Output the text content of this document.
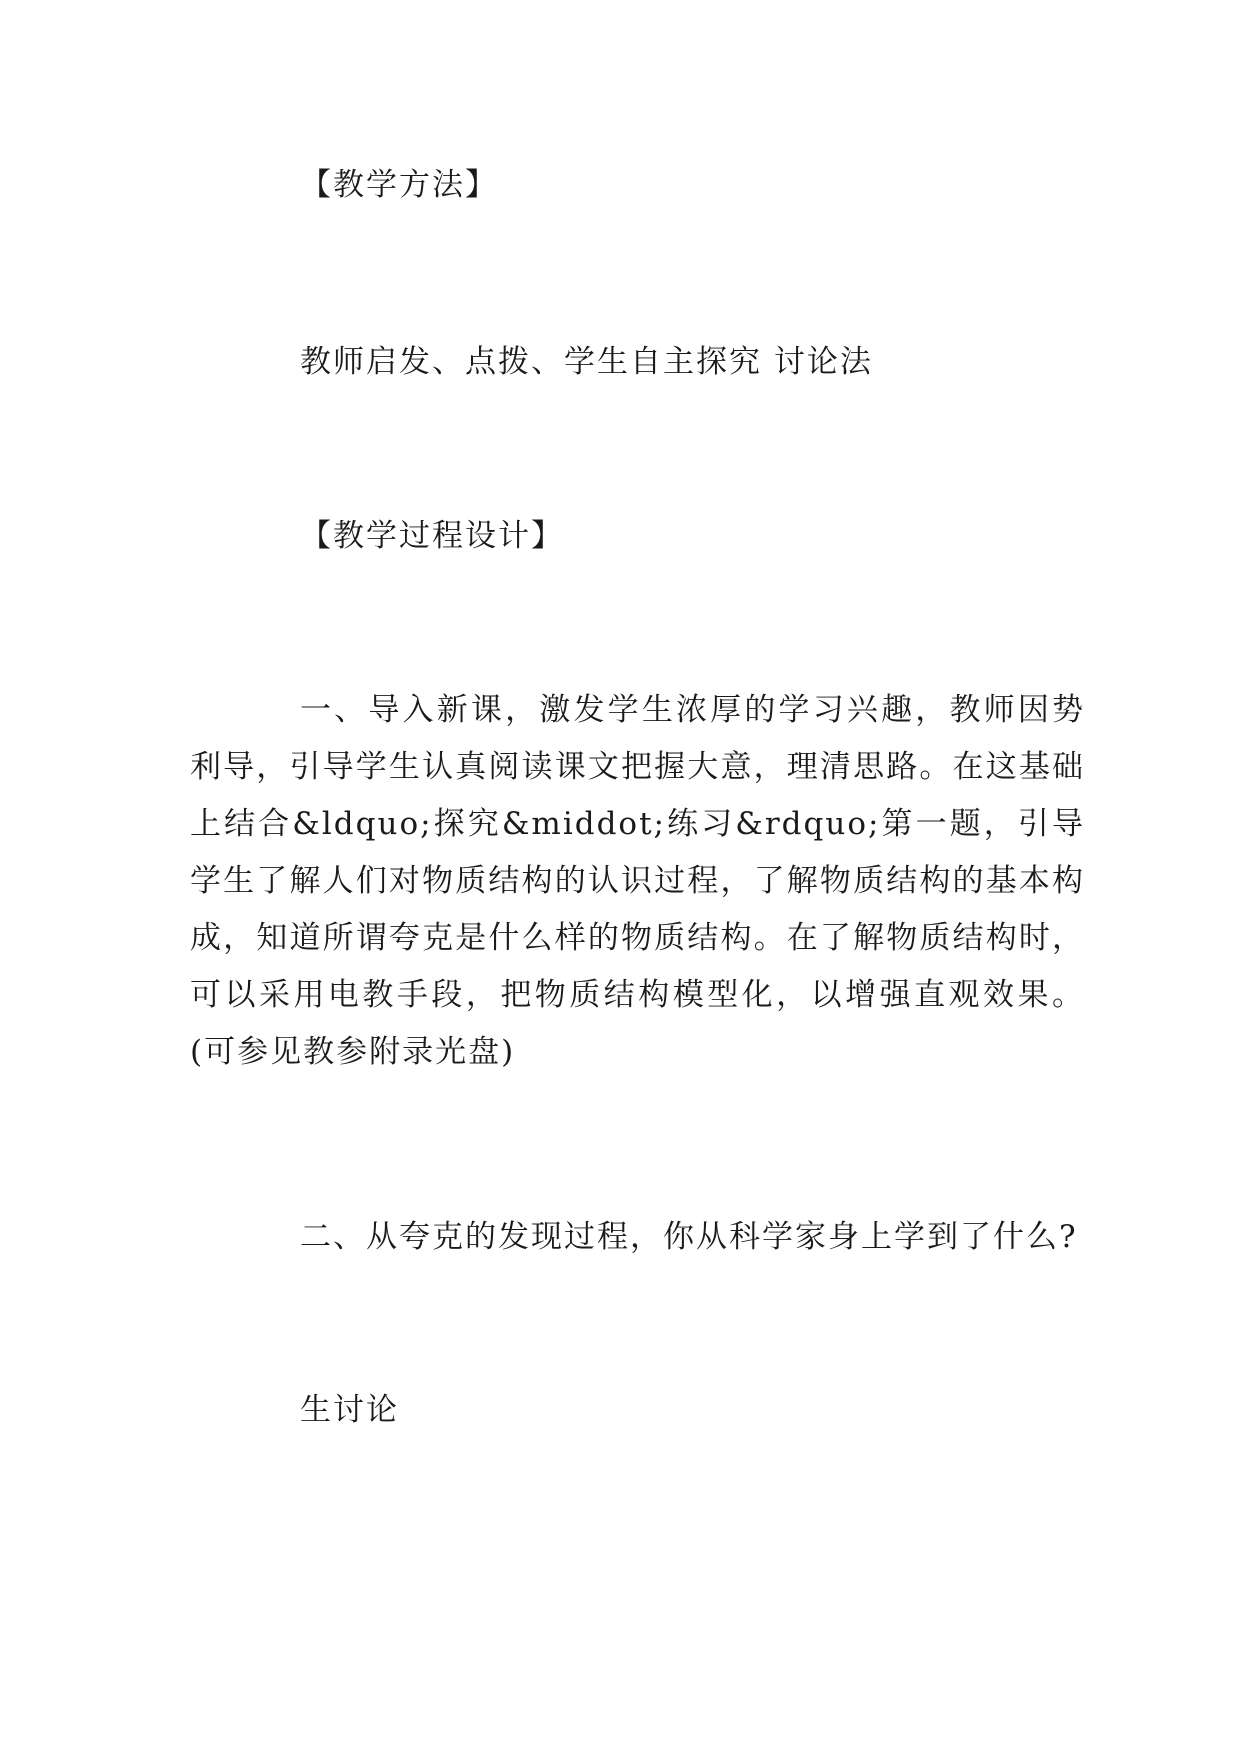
【教学方法】
教师启发、点拨、学生自主探究 讨论法
【教学过程设计】

一、导入新课，激发学生浓厚的学习兴趣，教师因势利导，引导学生认真阅读课文把握大意，理清思路。在这基础上结合&ldquo;探究&middot;练习&rdquo;第一题，引导学生了解人们对物质结构的认识过程，了解物质结构的基本构成，知道所谓夸克是什么样的物质结构。在了解物质结构时，可以采用电教手段，把物质结构模型化，以增强直观效果。(可参见教参附录光盘)

二、从夸克的发现过程，你从科学家身上学到了什么?
生讨论
